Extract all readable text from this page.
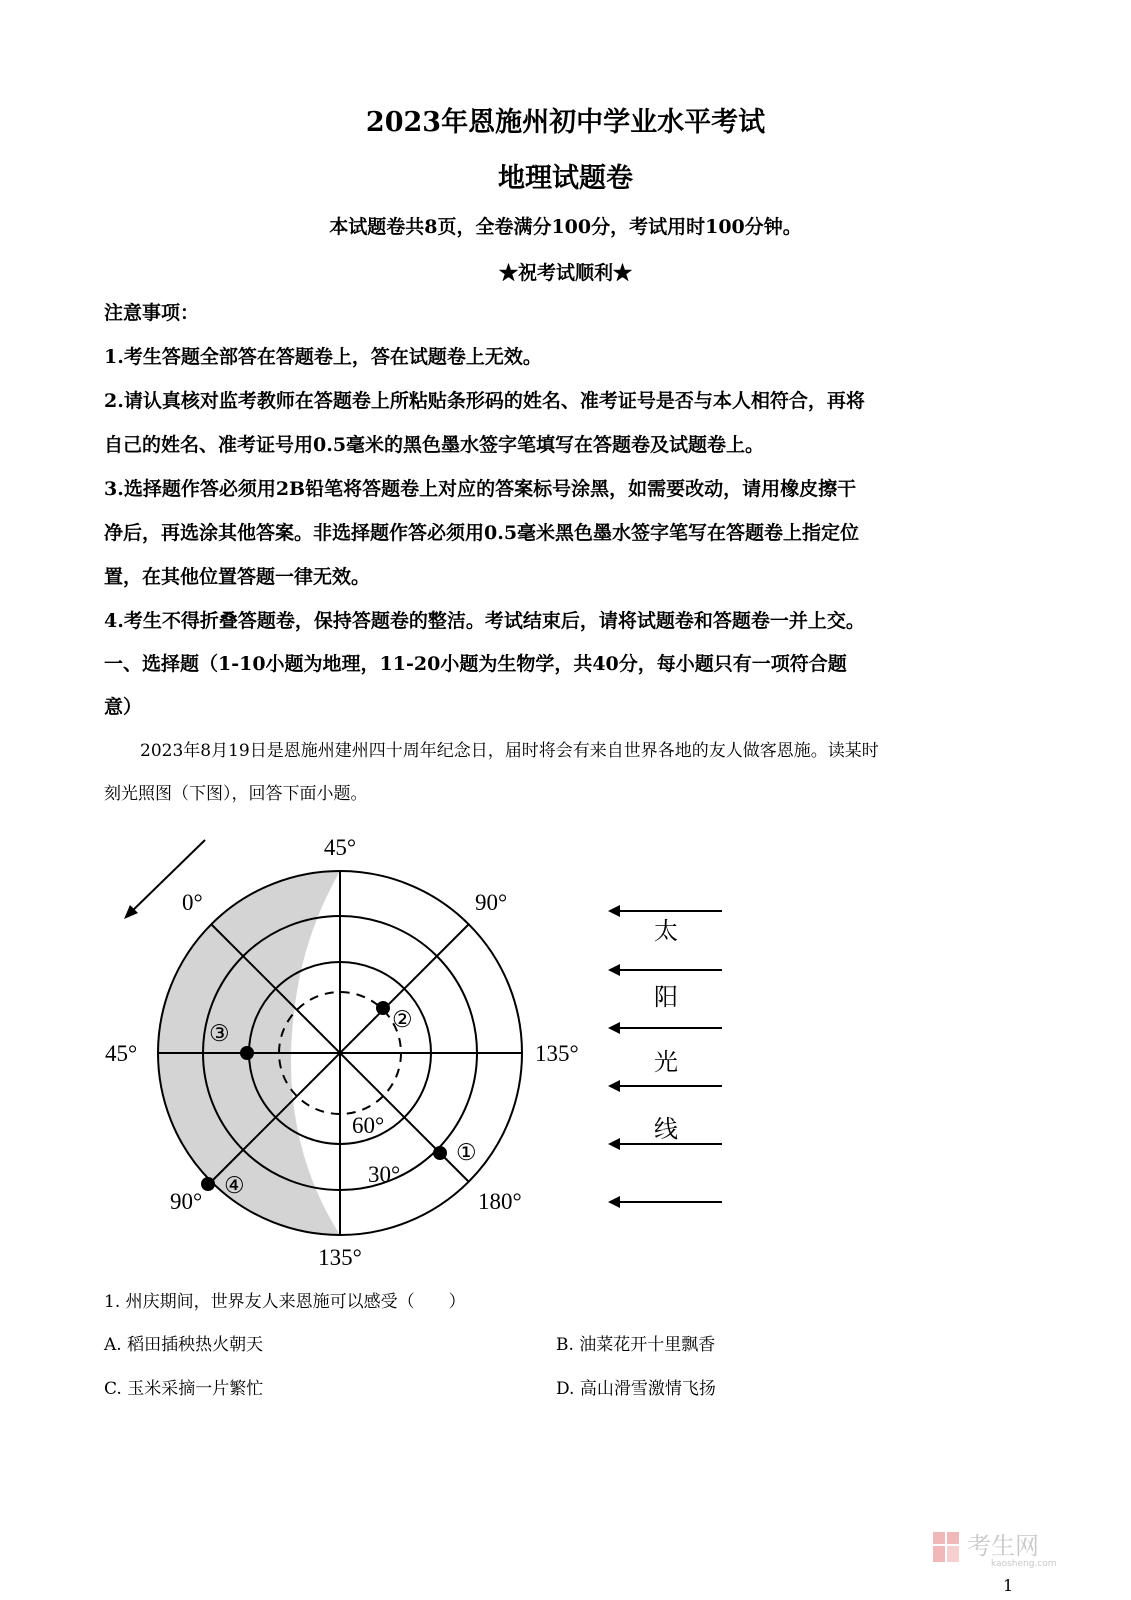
2023年恩施州初中学业水平考试
地理试题卷
本试题卷共8页，全卷满分100分，考试用时100分钟。
★祝考试顺利★
注意事项：
1.考生答题全部答在答题卷上，答在试题卷上无效。
2.请认真核对监考教师在答题卷上所粘贴条形码的姓名、准考证号是否与本人相符合，再将
自己的姓名、准考证号用0.5毫米的黑色墨水签字笔填写在答题卷及试题卷上。
3.选择题作答必须用2B铅笔将答题卷上对应的答案标号涂黑，如需要改动，请用橡皮擦干
净后，再选涂其他答案。非选择题作答必须用0.5毫米黑色墨水签字笔写在答题卷上指定位
置，在其他位置答题一律无效。
4.考生不得折叠答题卷，保持答题卷的整洁。考试结束后，请将试题卷和答题卷一并上交。
一、选择题（1-10小题为地理，11-20小题为生物学，共40分，每小题只有一项符合题
意）
2023年8月19日是恩施州建州四十周年纪念日，届时将会有来自世界各地的友人做客恩施。读某时
刻光照图（下图），回答下面小题。
45°
0°	90°
45°	135°
90°	180°
135°
60°
30°
①
②
③
④
太
阳
光
线
1. 州庆期间，世界友人来恩施可以感受（　　）
A. 稻田插秧热火朝天	B. 油菜花开十里飘香
C. 玉米采摘一片繁忙	D. 高山滑雪激情飞扬
考生网
kaosheng.com
1
